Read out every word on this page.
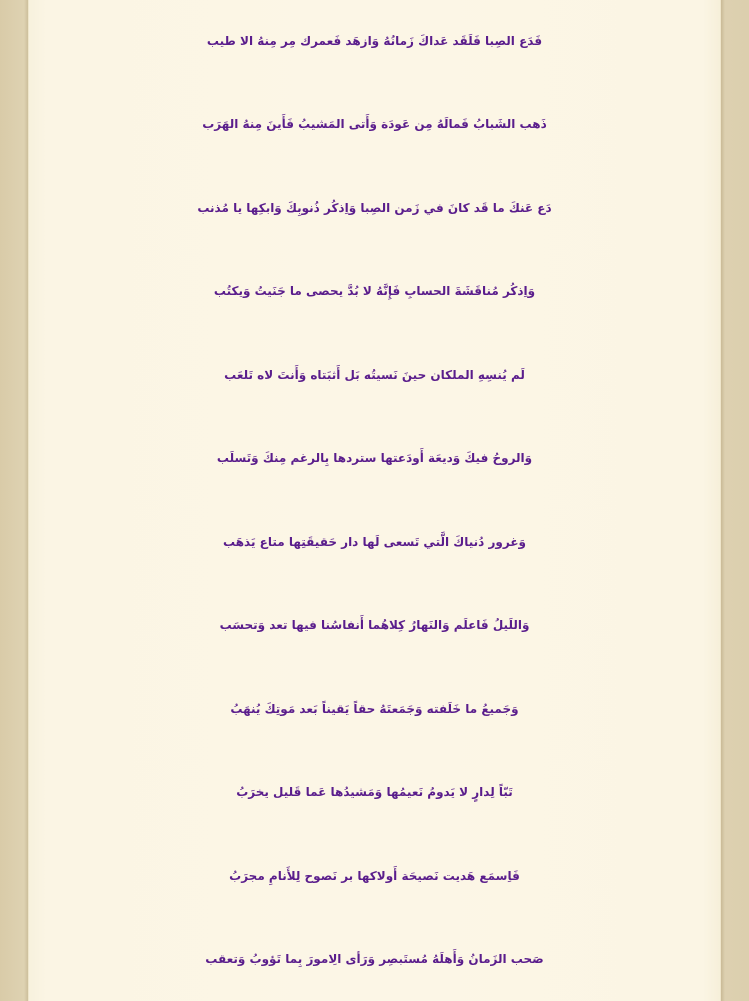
فَدَع الصِبا فَلَقَد عَداكَ زَمانُهُ وَازهَد فَعمرك مِر مِنهُ الا طيب
ذَهب الشَبابُ فَمالَهُ مِن عَودَة وَأَتى المَشيبُ فَأَينَ مِنهُ الهَرَب
دَع عَنكَ ما قَد كانَ في زَمن الصِبا وَاِذكُر ذُنوبِكَ وَابكِها يا مُذنب
وَاِذكُر مُناقَشَةَ الحسابِ فَإِنَّهُ لا بُدَّ يحصى ما جَنَيتُ وَيكتُب
لَم يُنسِهِ الملكان حينَ نَسيتُه بَل أَثبَتاه وَأَنتَ لاه تَلعَب
وَالروحُ فيكَ وَديعَة أَودَعتها ستردها بِالرغم مِنكَ وَتَسلَب
وَغرور دُنياكَ الَّتي تَسعى لَها دار حَقيقَتِها متاع يَذهَب
وَاللَيلُ فَاعلَم وَالنَهارُ كِلاهُما أَنفاسُنا فيها تعد وَتحسَب
وَجَميعُ ما خَلَفته وَجَمَعتَهُ حقاً يَقيناً بَعد مَوتِكَ يُنهَبُ
تَبّاً لِدارٍ لا يَدومُ نَعيمُها وَمَشيدُها عَما قَليل يخرَبُ
فَاِسمَع هَديت نَصيحَة أَولاكها بر نَصوح لِلأَنامِ مجرَبُ
صَحب الزَمانُ وَأَهلَهُ مُستَبصِر وَرَأى الِامورَ بِما تَؤوبُ وَتعقب
